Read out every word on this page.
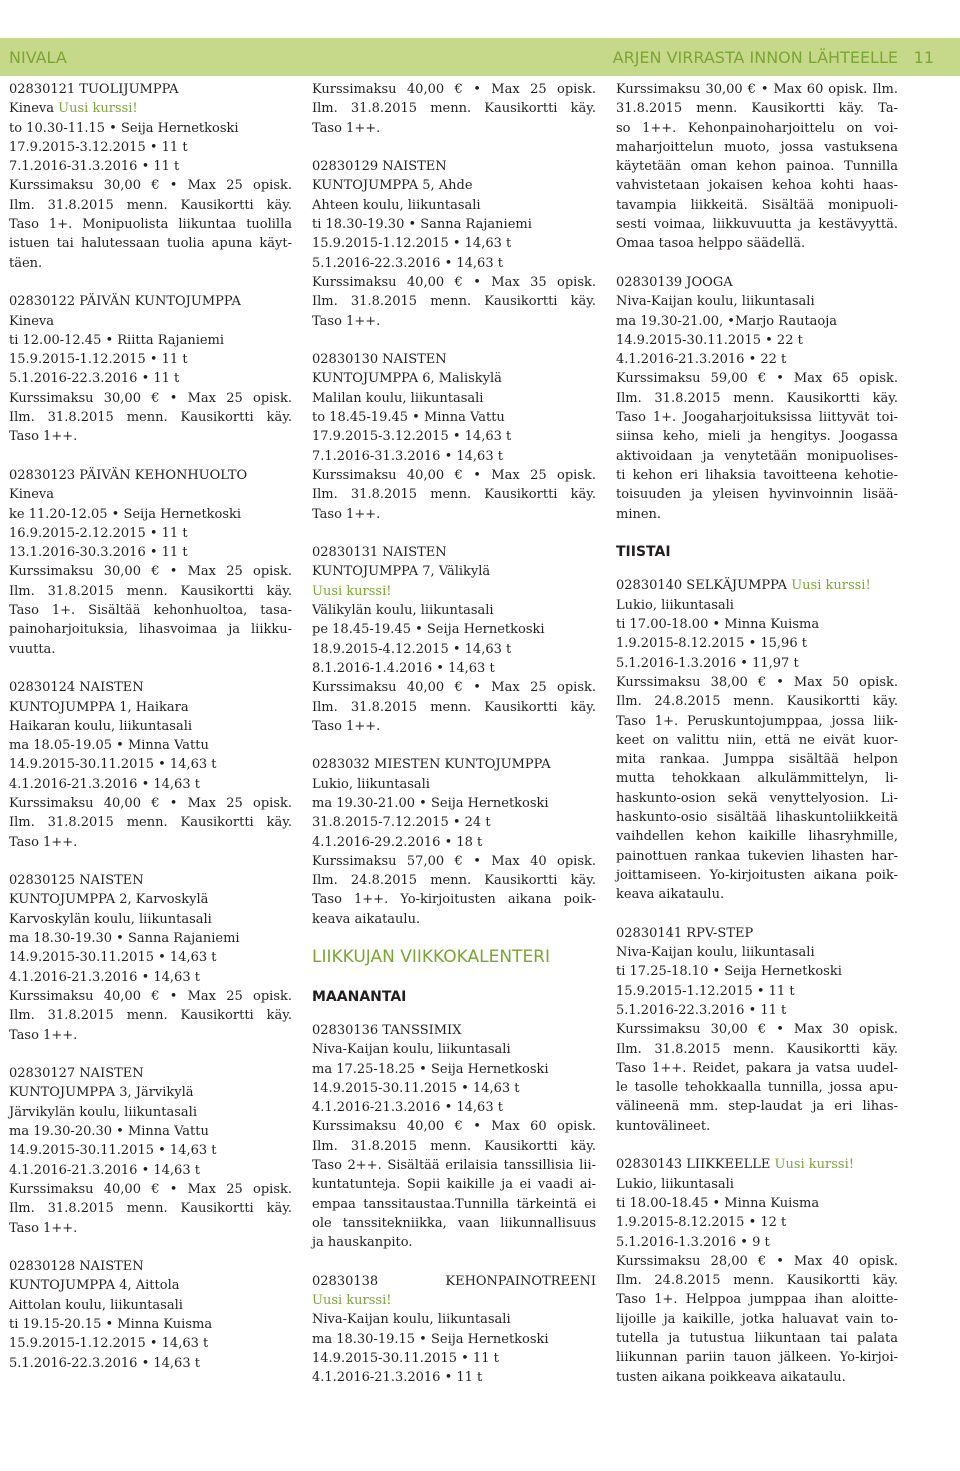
NIVALA	ARJEN VIRRASTA INNON LÄHTEELLE 11
02830121 TUOLIJUMPPA
Kineva Uusi kurssi!
to 10.30-11.15 • Seija Hernetkoski
17.9.2015-3.12.2015 • 11 t
7.1.2016-31.3.2016 • 11 t
Kurssimaksu 30,00 € • Max 25 opisk.
Ilm. 31.8.2015 menn. Kausikortti käy.
Taso 1+. Monipuolista liikuntaa tuolilla
istuen tai halutessaan tuolia apuna käyt-
täen.
02830122 PÄIVÄN KUNTOJUMPPA
Kineva
ti 12.00-12.45 • Riitta Rajaniemi
15.9.2015-1.12.2015 • 11 t
5.1.2016-22.3.2016 • 11 t
Kurssimaksu 30,00 € • Max 25 opisk.
Ilm. 31.8.2015 menn. Kausikortti käy.
Taso 1++.
02830123 PÄIVÄN KEHONHUOLTO
Kineva
ke 11.20-12.05 • Seija Hernetkoski
16.9.2015-2.12.2015 • 11 t
13.1.2016-30.3.2016 • 11 t
Kurssimaksu 30,00 € • Max 25 opisk.
Ilm. 31.8.2015 menn. Kausikortti käy.
Taso 1+. Sisältää kehonhuoltoa, tasa-
painoharjoituksia, lihasvoimaa ja liikku-
vuutta.
02830124 NAISTEN
KUNTOJUMPPA 1, Haikara
Haikaran koulu, liikuntasali
ma 18.05-19.05 • Minna Vattu
14.9.2015-30.11.2015 • 14,63 t
4.1.2016-21.3.2016 • 14,63 t
Kurssimaksu 40,00 € • Max 25 opisk.
Ilm. 31.8.2015 menn. Kausikortti käy.
Taso 1++.
02830125 NAISTEN
KUNTOJUMPPA 2, Karvoskylä
Karvoskylän koulu, liikuntasali
ma 18.30-19.30 • Sanna Rajaniemi
14.9.2015-30.11.2015 • 14,63 t
4.1.2016-21.3.2016 • 14,63 t
Kurssimaksu 40,00 € • Max 25 opisk.
Ilm. 31.8.2015 menn. Kausikortti käy.
Taso 1++.
02830127 NAISTEN
KUNTOJUMPPA 3, Järvikylä
Järvikylän koulu, liikuntasali
ma 19.30-20.30 • Minna Vattu
14.9.2015-30.11.2015 • 14,63 t
4.1.2016-21.3.2016 • 14,63 t
Kurssimaksu 40,00 € • Max 25 opisk.
Ilm. 31.8.2015 menn. Kausikortti käy.
Taso 1++.
02830128 NAISTEN
KUNTOJUMPPA 4, Aittola
Aittolan koulu, liikuntasali
ti 19.15-20.15 • Minna Kuisma
15.9.2015-1.12.2015 • 14,63 t
5.1.2016-22.3.2016 • 14,63 t
Kurssimaksu 40,00 € • Max 25 opisk.
Ilm. 31.8.2015 menn. Kausikortti käy.
Taso 1++.
02830129 NAISTEN
KUNTOJUMPPA 5, Ahde
Ahteen koulu, liikuntasali
ti 18.30-19.30 • Sanna Rajaniemi
15.9.2015-1.12.2015 • 14,63 t
5.1.2016-22.3.2016 • 14,63 t
Kurssimaksu 40,00 € • Max 35 opisk.
Ilm. 31.8.2015 menn. Kausikortti käy.
Taso 1++.
02830130 NAISTEN
KUNTOJUMPPA 6, Maliskylä
Malilan koulu, liikuntasali
to 18.45-19.45 • Minna Vattu
17.9.2015-3.12.2015 • 14,63 t
7.1.2016-31.3.2016 • 14,63 t
Kurssimaksu 40,00 € • Max 25 opisk.
Ilm. 31.8.2015 menn. Kausikortti käy.
Taso 1++.
02830131 NAISTEN
KUNTOJUMPPA 7, Välikylä
Uusi kurssi!
Välikylän koulu, liikuntasali
pe 18.45-19.45 • Seija Hernetkoski
18.9.2015-4.12.2015 • 14,63 t
8.1.2016-1.4.2016 • 14,63 t
Kurssimaksu 40,00 € • Max 25 opisk.
Ilm. 31.8.2015 menn. Kausikortti käy.
Taso 1++.
0283032 MIESTEN KUNTOJUMPPA
Lukio, liikuntasali
ma 19.30-21.00 • Seija Hernetkoski
31.8.2015-7.12.2015 • 24 t
4.1.2016-29.2.2016 • 18 t
Kurssimaksu 57,00 € • Max 40 opisk.
Ilm. 24.8.2015 menn. Kausikortti käy.
Taso 1++. Yo-kirjoitusten aikana poik-
keava aikataulu.
LIIKKUJAN VIIKKOKALENTERI
MAANANTAI
02830136 TANSSIMIX
Niva-Kaijan koulu, liikuntasali
ma 17.25-18.25 • Seija Hernetkoski
14.9.2015-30.11.2015 • 14,63 t
4.1.2016-21.3.2016 • 14,63 t
Kurssimaksu 40,00 € • Max 60 opisk.
Ilm. 31.8.2015 menn. Kausikortti käy.
Taso 2++. Sisältää erilaisia tanssillisia lii-
kuntatunteja. Sopii kaikille ja ei vaadi ai-
empaa tanssitaustaa.Tunnilla tärkeintä ei
ole tanssitekniikka, vaan liikunnallisuus
ja hauskanpito.
02830138 KEHONPAINOTREENI
Uusi kurssi!
Niva-Kaijan koulu, liikuntasali
ma 18.30-19.15 • Seija Hernetkoski
14.9.2015-30.11.2015 • 11 t
4.1.2016-21.3.2016 • 11 t
Kurssimaksu 30,00 € • Max 60 opisk. Ilm.
31.8.2015 menn. Kausikortti käy. Ta-
so 1++. Kehonpainoharjoittelu on voi-
maharjoittelun muoto, jossa vastuksena
käytetään oman kehon painoa. Tunnilla
vahvistetaan jokaisen kehoa kohti haas-
tavampia liikkeitä. Sisältää monipuoli-
sesti voimaa, liikkuvuutta ja kestävyyttä.
Omaa tasoa helppo säädellä.
02830139 JOOGA
Niva-Kaijan koulu, liikuntasali
ma 19.30-21.00, •Marjo Rautaoja
14.9.2015-30.11.2015 • 22 t
4.1.2016-21.3.2016 • 22 t
Kurssimaksu 59,00 € • Max 65 opisk.
Ilm. 31.8.2015 menn. Kausikortti käy.
Taso 1+. Joogaharjoituksissa liittyvät toi-
siinsa keho, mieli ja hengitys. Joogassa
aktivoidaan ja venytetään monipuolises-
ti kehon eri lihaksia tavoitteena kehotie-
toisuuden ja yleisen hyvinvoinnin lisää-
minen.
TIISTAI
02830140 SELKÄJUMPPA Uusi kurssi!
Lukio, liikuntasali
ti 17.00-18.00 • Minna Kuisma
1.9.2015-8.12.2015 • 15,96 t
5.1.2016-1.3.2016 • 11,97 t
Kurssimaksu 38,00 € • Max 50 opisk.
Ilm. 24.8.2015 menn. Kausikortti käy.
Taso 1+. Peruskuntojumppaa, jossa liik-
keet on valittu niin, että ne eivät kuor-
mita rankaa. Jumppa sisältää helpon
mutta tehokkaan alkulämmittelyn, li-
haskunto-osion sekä venyttelyosion. Li-
haskunto-osio sisältää lihaskuntoliikkeitä
vaihdellen kehon kaikille lihasryhmille,
painottuen rankaa tukevien lihasten har-
joittamiseen. Yo-kirjoitusten aikana poik-
keava aikataulu.
02830141 RPV-STEP
Niva-Kaijan koulu, liikuntasali
ti 17.25-18.10 • Seija Hernetkoski
15.9.2015-1.12.2015 • 11 t
5.1.2016-22.3.2016 • 11 t
Kurssimaksu 30,00 € • Max 30 opisk.
Ilm. 31.8.2015 menn. Kausikortti käy.
Taso 1++. Reidet, pakara ja vatsa uudel-
le tasolle tehokkaalla tunnilla, jossa apu-
välineenä mm. step-laudat ja eri lihas-
kuntovälineet.
02830143 LIIKKEELLE Uusi kurssi!
Lukio, liikuntasali
ti 18.00-18.45 • Minna Kuisma
1.9.2015-8.12.2015 • 12 t
5.1.2016-1.3.2016 • 9 t
Kurssimaksu 28,00 € • Max 40 opisk.
Ilm. 24.8.2015 menn. Kausikortti käy.
Taso 1+. Helppoa jumppaa ihan aloitte-
lijoille ja kaikille, jotka haluavat vain to-
tutella ja tutustua liikuntaan tai palata
liikunnan pariin tauon jälkeen. Yo-kirjoi-
tusten aikana poikkeava aikataulu.
